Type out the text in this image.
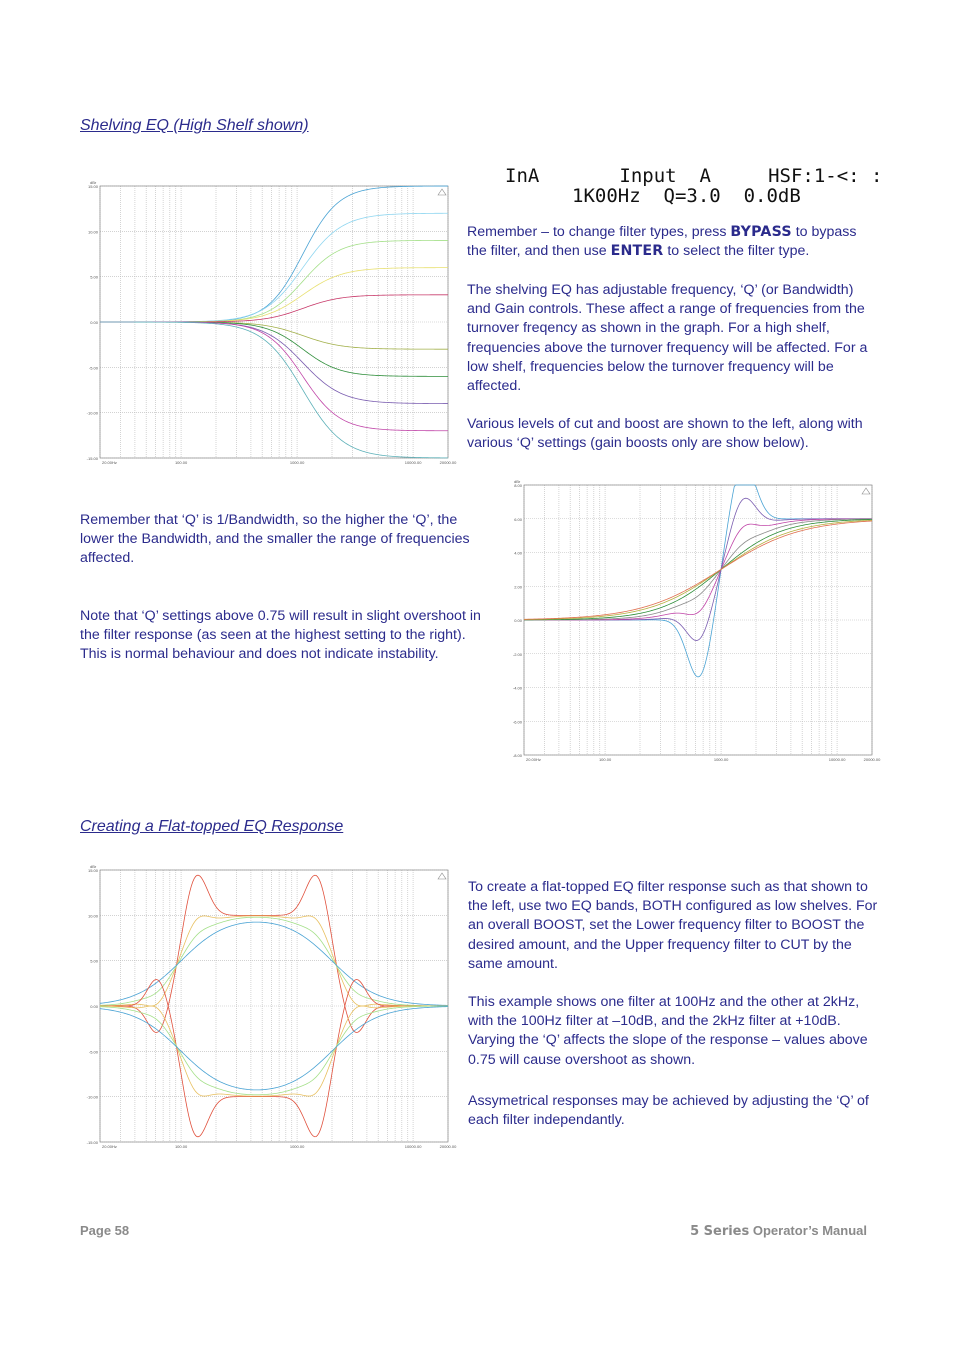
Shelving EQ (High Shelf shown)
15.00
10.00
5.00
0.00
-5.00
-10.00
-15.00
dBr
20.00Hz	100.00	1000.00	10000.00	20000.00
InA       Input  A     HSF:1-<: :
1K00Hz  Q=3.0  0.0dB

Remember – to change filter types, press BYPASS to bypass the filter, and then use ENTER to select the filter type.

The shelving EQ has adjustable frequency, ‘Q’ (or Bandwidth) and Gain controls. These affect a range of frequencies from the turnover freqency as shown in the graph. For a high shelf, frequencies above the turnover frequency will be affected. For a low shelf, frequencies below the turnover frequency will be affected.

Various levels of cut and boost are shown to the left, along with various ‘Q’ settings (gain boosts only are show below).

8.00
6.00
4.00
2.00
0.00
-2.00
-4.00
-6.00
-8.00
dBr
20.00Hz	100.00	1000.00	10000.00	20000.00

Remember that ‘Q’ is 1/Bandwidth, so the higher the ‘Q’, the lower the Bandwidth, and the smaller the range of frequencies affected.

Note that ‘Q’ settings above 0.75 will result in slight overshoot in the filter response (as seen at the highest setting to the right). This is normal behaviour and does not indicate instability.

Creating a Flat-topped EQ Response
15.00
10.00
5.00
0.00
-5.00
-10.00
-15.00
dBr
20.00Hz	100.00	1000.00	10000.00	20000.00

To create a flat-topped EQ filter response such as that shown to the left, use two EQ bands, BOTH configured as low shelves. For an overall BOOST, set the Lower frequency filter to BOOST the desired amount, and the Upper frequency filter to CUT by the same amount.

This example shows one filter at 100Hz and the other at 2kHz, with the 100Hz filter at –10dB, and the 2kHz filter at +10dB. Varying the ‘Q’ affects the slope of the response – values above 0.75 will cause overshoot as shown.

Assymetrical responses may be achieved by adjusting the ‘Q’ of each filter independantly.

Page 58	5 Series Operator’s Manual
